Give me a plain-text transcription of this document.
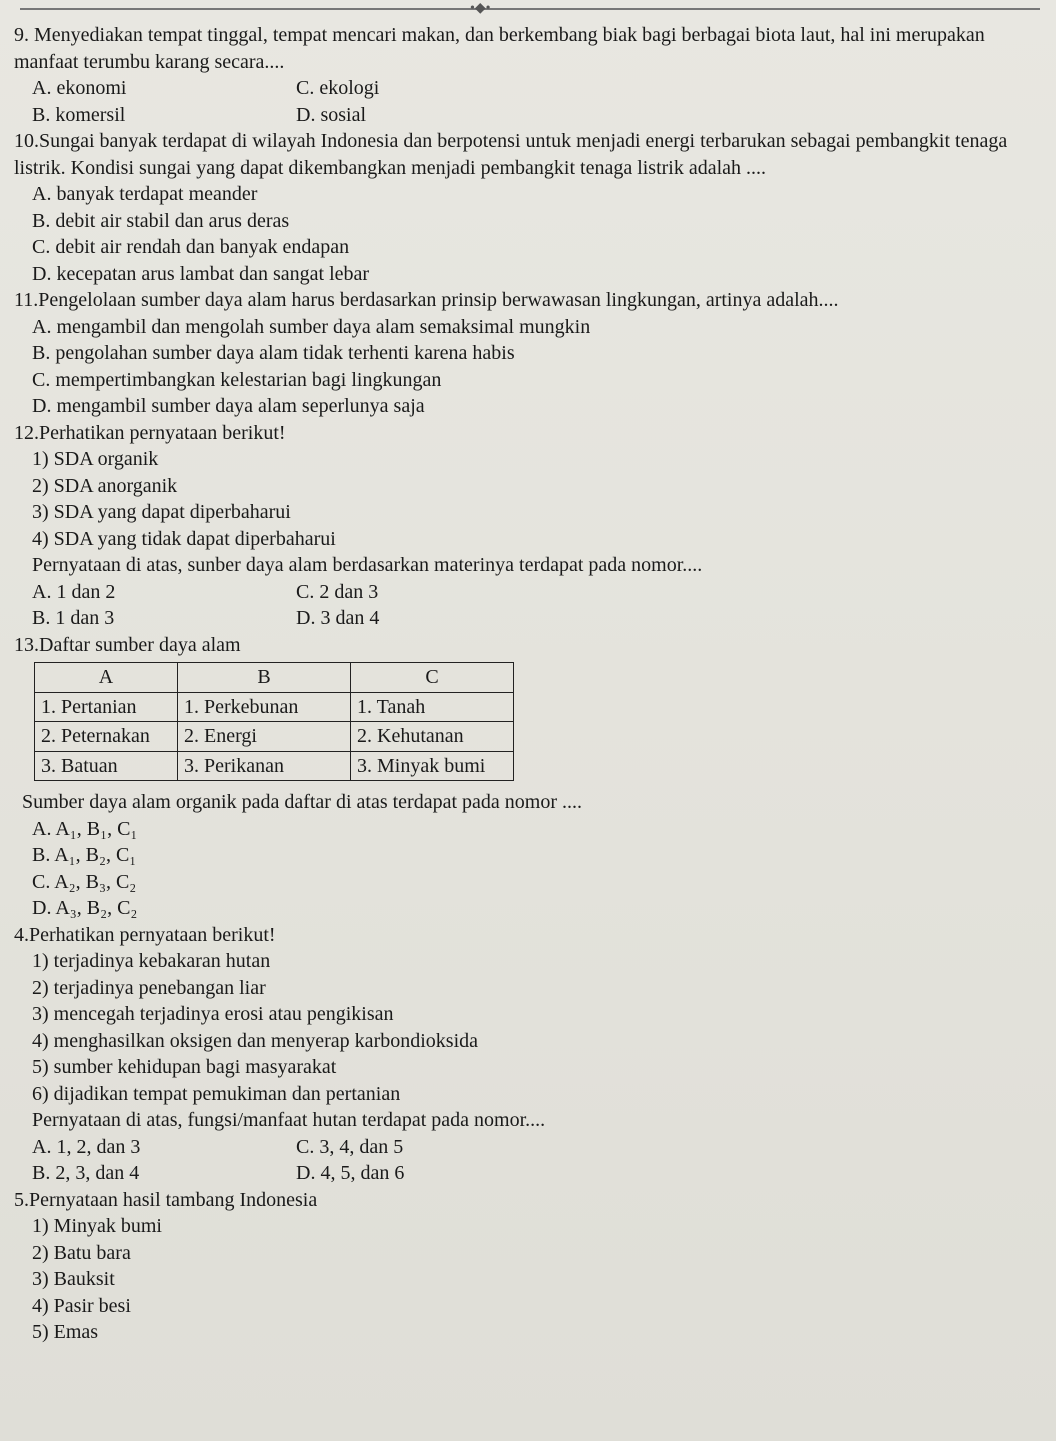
•◆•
9. Menyediakan tempat tinggal, tempat mencari makan, dan berkembang biak bagi berbagai biota laut, hal ini merupakan manfaat terumbu karang secara....
A. ekonomi	C. ekologi
B. komersil	D. sosial
10.Sungai banyak terdapat di wilayah Indonesia dan berpotensi untuk menjadi energi terbarukan sebagai pembangkit tenaga listrik. Kondisi sungai yang dapat dikembangkan menjadi pembangkit tenaga listrik adalah ....
A. banyak terdapat meander
B. debit air stabil dan arus deras
C. debit air rendah dan banyak endapan
D. kecepatan arus lambat dan sangat lebar
11.Pengelolaan sumber daya alam harus berdasarkan prinsip berwawasan lingkungan, artinya adalah....
A. mengambil dan mengolah sumber daya alam semaksimal mungkin
B. pengolahan sumber daya alam tidak terhenti karena habis
C. mempertimbangkan kelestarian bagi lingkungan
D. mengambil sumber daya alam seperlunya saja
12.Perhatikan pernyataan berikut!
1) SDA organik
2) SDA anorganik
3) SDA yang dapat diperbaharui
4) SDA yang tidak dapat diperbaharui
Pernyataan di atas, sunber daya alam berdasarkan materinya terdapat pada nomor....
A. 1 dan 2	C. 2 dan 3
B. 1 dan 3	D. 3 dan 4
13.Daftar sumber daya alam
A	B	C
1. Pertanian	1. Perkebunan	1. Tanah
2. Peternakan	2. Energi	2. Kehutanan
3. Batuan	3. Perikanan	3. Minyak bumi
Sumber daya alam organik pada daftar di atas terdapat pada nomor ....
A. A₁, B₁, C₁
B. A₁, B₂, C₁
C. A₂, B₃, C₂
D. A₃, B₂, C₂
4.Perhatikan pernyataan berikut!
1) terjadinya kebakaran hutan
2) terjadinya penebangan liar
3) mencegah terjadinya erosi atau pengikisan
4) menghasilkan oksigen dan menyerap karbondioksida
5) sumber kehidupan bagi masyarakat
6) dijadikan tempat pemukiman dan pertanian
Pernyataan di atas, fungsi/manfaat hutan terdapat pada nomor....
A. 1, 2, dan 3	C. 3, 4, dan 5
B. 2, 3, dan 4	D. 4, 5, dan 6
5.Pernyataan hasil tambang Indonesia
1) Minyak bumi
2) Batu bara
3) Bauksit
4) Pasir besi
5) Emas
